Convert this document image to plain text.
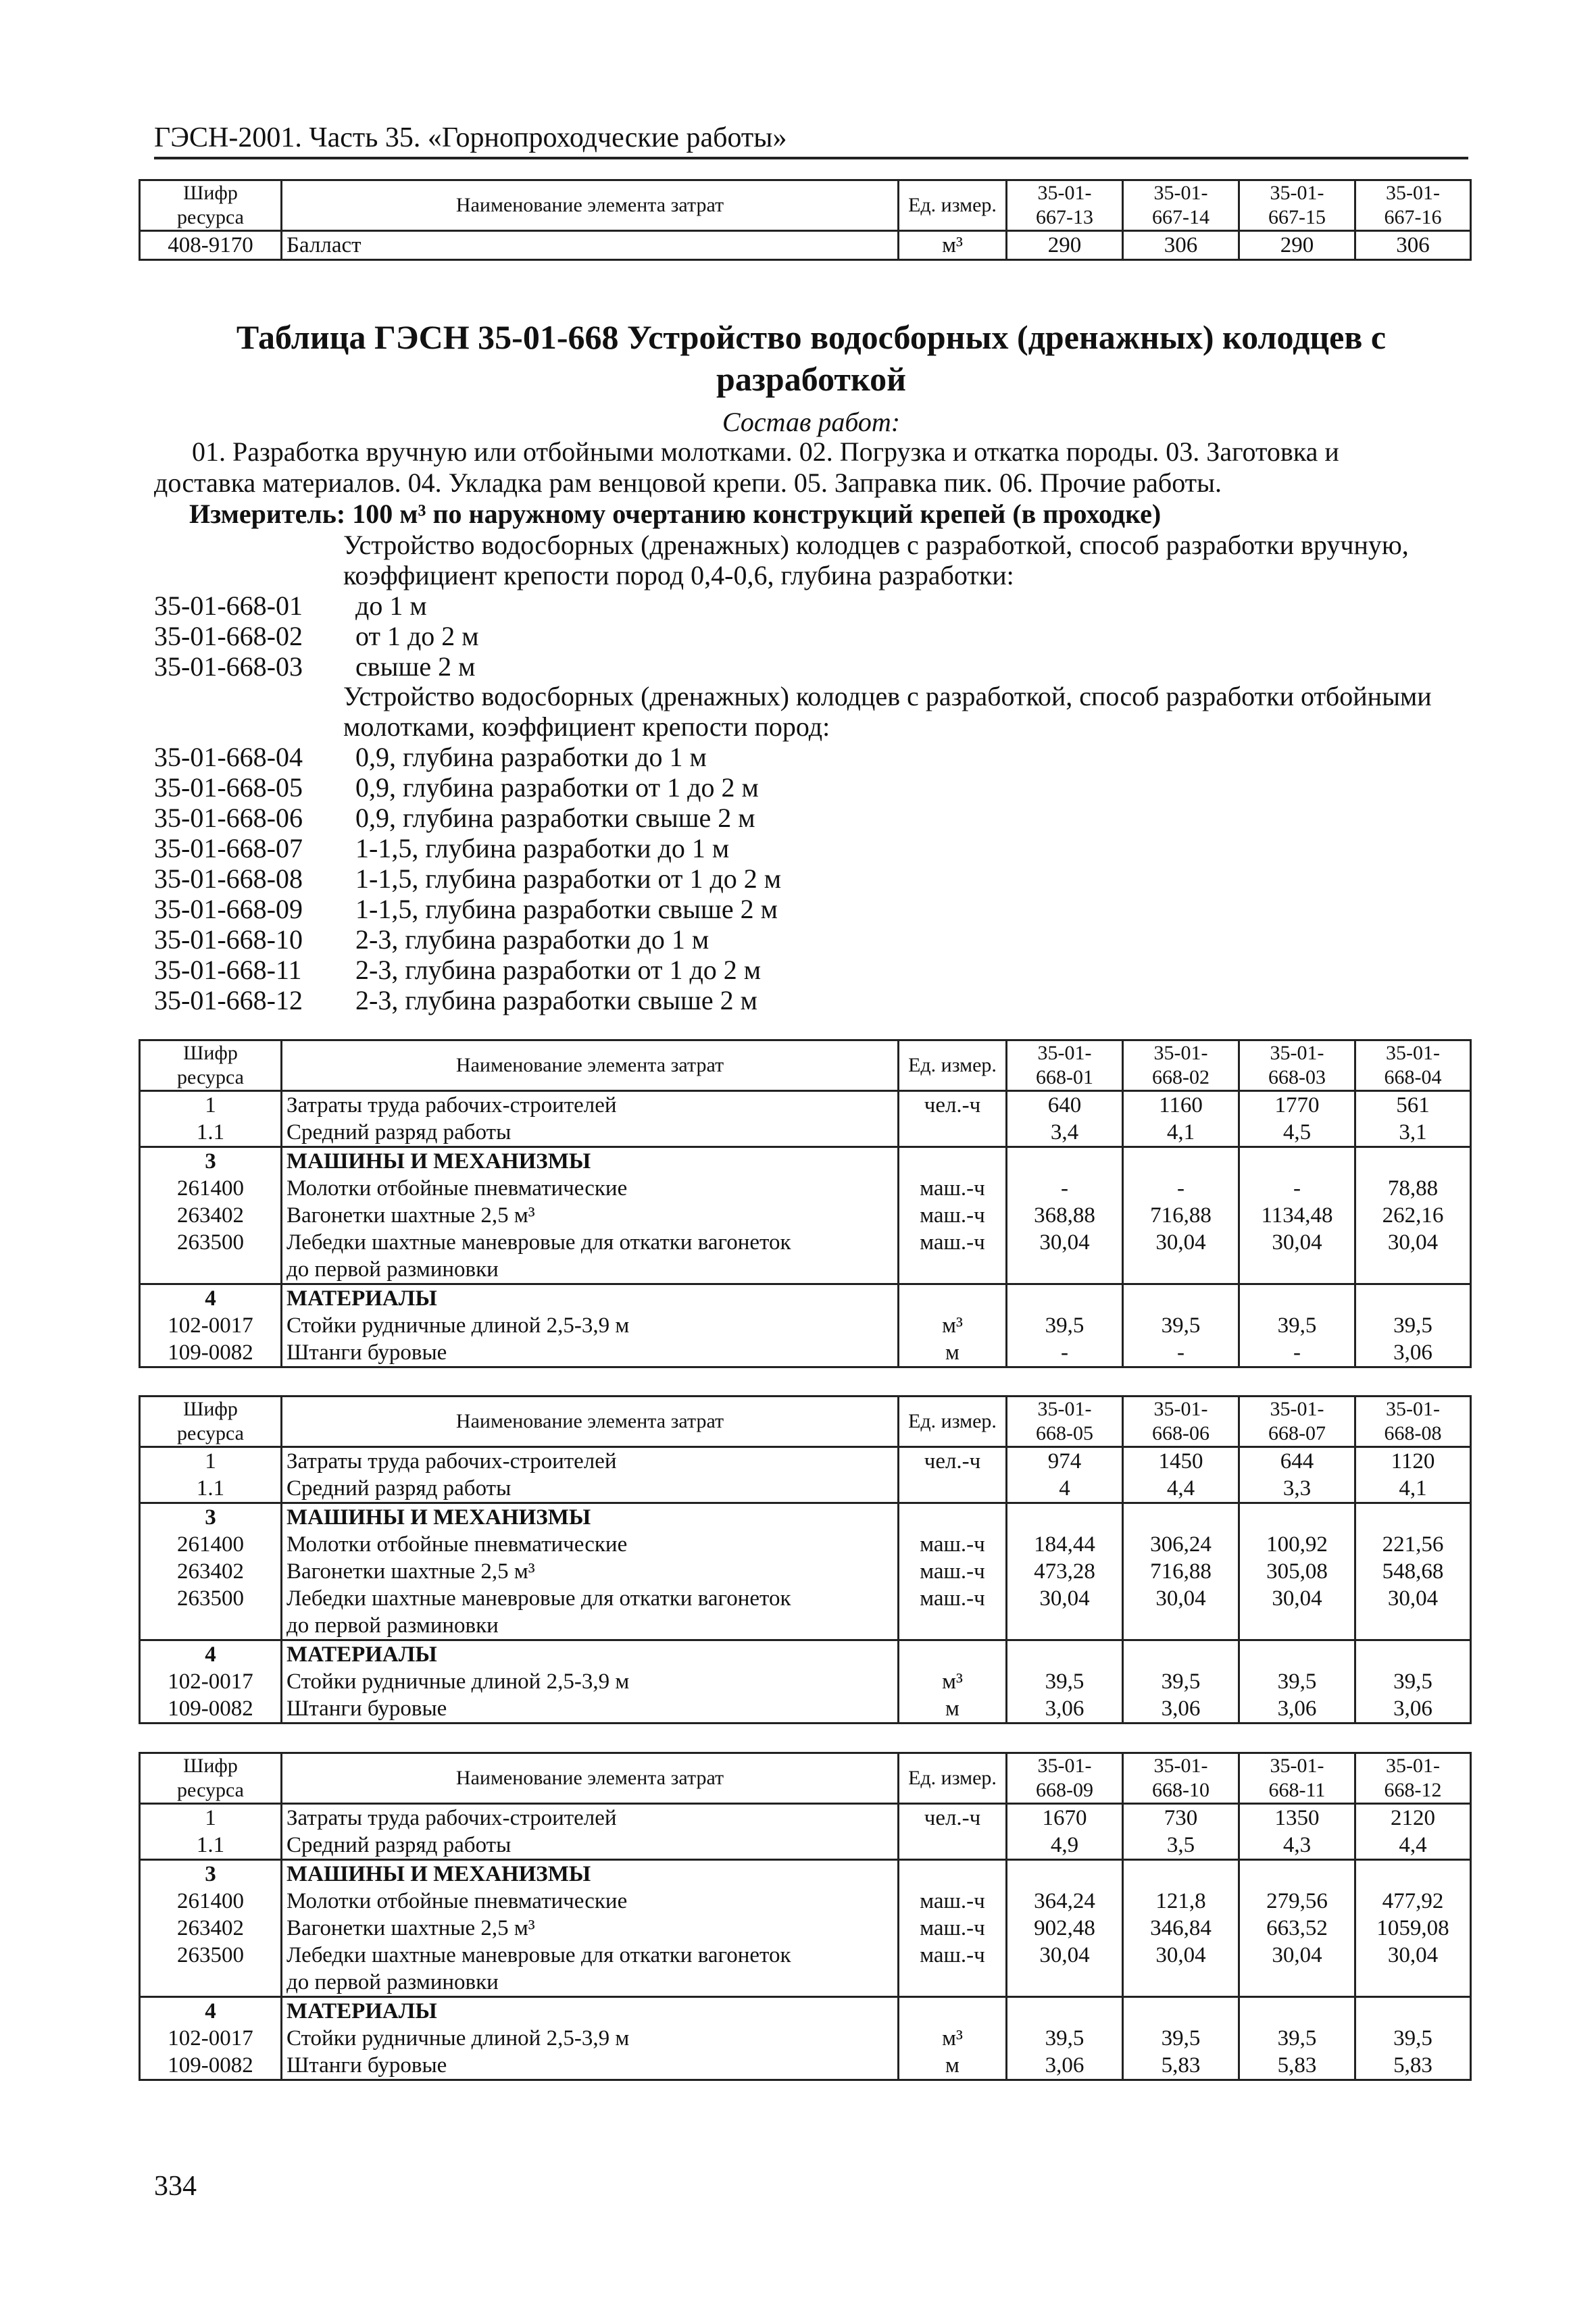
ГЭСН-2001. Часть 35. «Горнопроходческие работы»
Шифр
ресурса	Наименование элемента затрат	Ед. измер.	35-01-
667-13	35-01-
667-14	35-01-
667-15	35-01-
667-16
408-9170	Балласт	м³	290	306	290	306
Таблица ГЭСН 35-01-668 Устройство водосборных (дренажных) колодцев с
разработкой
Состав работ:
01. Разработка вручную или отбойными молотками. 02. Погрузка и откатка породы. 03. Заготовка и
доставка материалов. 04. Укладка рам венцовой крепи. 05. Заправка пик. 06. Прочие работы.
Измеритель: 100 м³ по наружному очертанию конструкций крепей (в проходке)
Устройство водосборных (дренажных) колодцев с разработкой, способ разработки вручную,
коэффициент крепости пород 0,4-0,6, глубина разработки:
35-01-668-01 до 1 м
35-01-668-02 от 1 до 2 м
35-01-668-03 свыше 2 м
Устройство водосборных (дренажных) колодцев с разработкой, способ разработки отбойными
молотками, коэффициент крепости пород:
35-01-668-04 0,9, глубина разработки до 1 м
35-01-668-05 0,9, глубина разработки от 1 до 2 м
35-01-668-06 0,9, глубина разработки свыше 2 м
35-01-668-07 1-1,5, глубина разработки до 1 м
35-01-668-08 1-1,5, глубина разработки от 1 до 2 м
35-01-668-09 1-1,5, глубина разработки свыше 2 м
35-01-668-10 2-3, глубина разработки до 1 м
35-01-668-11 2-3, глубина разработки от 1 до 2 м
35-01-668-12 2-3, глубина разработки свыше 2 м
Шифр
ресурса	Наименование элемента затрат	Ед. измер.	35-01-
668-01	35-01-
668-02	35-01-
668-03	35-01-
668-04
1	Затраты труда рабочих-строителей	чел.-ч	640	1160	1770	561
1.1	Средний разряд работы		3,4	4,1	4,5	3,1
3	МАШИНЫ И МЕХАНИЗМЫ					
261400	Молотки отбойные пневматические	маш.-ч	-	-	-	78,88
263402	Вагонетки шахтные 2,5 м³	маш.-ч	368,88	716,88	1134,48	262,16
263500	Лебедки шахтные маневровые для откатки вагонеток
до первой разминовки	маш.-ч	30,04	30,04	30,04	30,04
4	МАТЕРИАЛЫ					
102-0017	Стойки рудничные длиной 2,5-3,9 м	м³	39,5	39,5	39,5	39,5
109-0082	Штанги буровые	м	-	-	-	3,06
Шифр
ресурса	Наименование элемента затрат	Ед. измер.	35-01-
668-05	35-01-
668-06	35-01-
668-07	35-01-
668-08
1	Затраты труда рабочих-строителей	чел.-ч	974	1450	644	1120
1.1	Средний разряд работы		4	4,4	3,3	4,1
3	МАШИНЫ И МЕХАНИЗМЫ					
261400	Молотки отбойные пневматические	маш.-ч	184,44	306,24	100,92	221,56
263402	Вагонетки шахтные 2,5 м³	маш.-ч	473,28	716,88	305,08	548,68
263500	Лебедки шахтные маневровые для откатки вагонеток
до первой разминовки	маш.-ч	30,04	30,04	30,04	30,04
4	МАТЕРИАЛЫ					
102-0017	Стойки рудничные длиной 2,5-3,9 м	м³	39,5	39,5	39,5	39,5
109-0082	Штанги буровые	м	3,06	3,06	3,06	3,06
Шифр
ресурса	Наименование элемента затрат	Ед. измер.	35-01-
668-09	35-01-
668-10	35-01-
668-11	35-01-
668-12
1	Затраты труда рабочих-строителей	чел.-ч	1670	730	1350	2120
1.1	Средний разряд работы		4,9	3,5	4,3	4,4
3	МАШИНЫ И МЕХАНИЗМЫ					
261400	Молотки отбойные пневматические	маш.-ч	364,24	121,8	279,56	477,92
263402	Вагонетки шахтные 2,5 м³	маш.-ч	902,48	346,84	663,52	1059,08
263500	Лебедки шахтные маневровые для откатки вагонеток
до первой разминовки	маш.-ч	30,04	30,04	30,04	30,04
4	МАТЕРИАЛЫ					
102-0017	Стойки рудничные длиной 2,5-3,9 м	м³	39,5	39,5	39,5	39,5
109-0082	Штанги буровые	м	3,06	5,83	5,83	5,83
334
